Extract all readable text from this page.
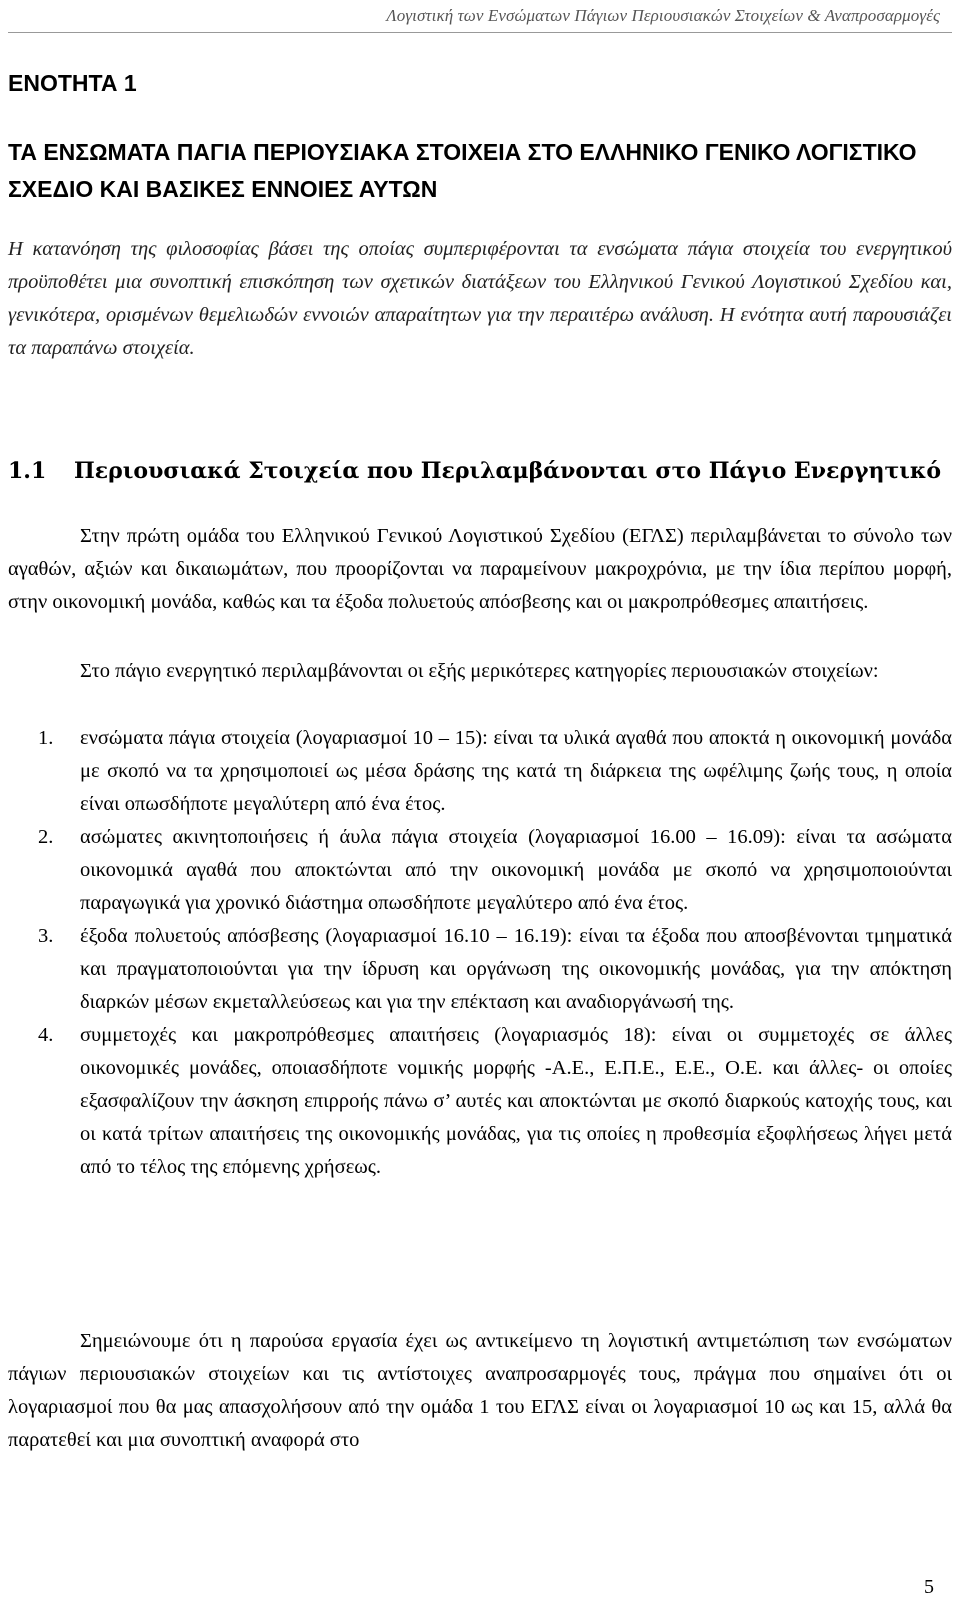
Λογιστική των Ενσώματων Πάγιων Περιουσιακών Στοιχείων & Αναπροσαρμογές
ΕΝΟΤΗΤΑ 1
ΤΑ ΕΝΣΩΜΑΤΑ ΠΑΓΙΑ ΠΕΡΙΟΥΣΙΑΚΑ ΣΤΟΙΧΕΙΑ ΣΤΟ ΕΛΛΗΝΙΚΟ ΓΕΝΙΚΟ ΛΟΓΙΣΤΙΚΟ ΣΧΕΔΙΟ ΚΑΙ ΒΑΣΙΚΕΣ ΕΝΝΟΙΕΣ ΑΥΤΩΝ
Η κατανόηση της φιλοσοφίας βάσει της οποίας συμπεριφέρονται τα ενσώματα πάγια στοιχεία του ενεργητικού προϋποθέτει μια συνοπτική επισκόπηση των σχετικών διατάξεων του Ελληνικού Γενικού Λογιστικού Σχεδίου και, γενικότερα, ορισμένων θεμελιωδών εννοιών απαραίτητων για την περαιτέρω ανάλυση. Η ενότητα αυτή παρουσιάζει τα παραπάνω στοιχεία.
1.1 Περιουσιακά Στοιχεία που Περιλαμβάνονται στο Πάγιο Ενεργητικό

Στην πρώτη ομάδα του Ελληνικού Γενικού Λογιστικού Σχεδίου (ΕΓΛΣ) περιλαμβάνεται το σύνολο των αγαθών, αξιών και δικαιωμάτων, που προορίζονται να παραμείνουν μακροχρόνια, με την ίδια περίπου μορφή, στην οικονομική μονάδα, καθώς και τα έξοδα πολυετούς απόσβεσης και οι μακροπρόθεσμες απαιτήσεις.

Στο πάγιο ενεργητικό περιλαμβάνονται οι εξής μερικότερες κατηγορίες περιουσιακών στοιχείων:

1. ενσώματα πάγια στοιχεία (λογαριασμοί 10 – 15): είναι τα υλικά αγαθά που αποκτά η οικονομική μονάδα με σκοπό να τα χρησιμοποιεί ως μέσα δράσης της κατά τη διάρκεια της ωφέλιμης ζωής τους, η οποία είναι οπωσδήποτε μεγαλύτερη από ένα έτος.
2. ασώματες ακινητοποιήσεις ή άυλα πάγια στοιχεία (λογαριασμοί 16.00 – 16.09): είναι τα ασώματα οικονομικά αγαθά που αποκτώνται από την οικονομική μονάδα με σκοπό να χρησιμοποιούνται παραγωγικά για χρονικό διάστημα οπωσδήποτε μεγαλύτερο από ένα έτος.
3. έξοδα πολυετούς απόσβεσης (λογαριασμοί 16.10 – 16.19): είναι τα έξοδα που αποσβένονται τμηματικά και πραγματοποιούνται για την ίδρυση και οργάνωση της οικονομικής μονάδας, για την απόκτηση διαρκών μέσων εκμεταλλεύσεως και για την επέκταση και αναδιοργάνωσή της.
4. συμμετοχές και μακροπρόθεσμες απαιτήσεις (λογαριασμός 18): είναι οι συμμετοχές σε άλλες οικονομικές μονάδες, οποιασδήποτε νομικής μορφής -Α.Ε., Ε.Π.Ε., Ε.Ε., Ο.Ε. και άλλες- οι οποίες εξασφαλίζουν την άσκηση επιρροής πάνω σ’ αυτές και αποκτώνται με σκοπό διαρκούς κατοχής τους, και οι κατά τρίτων απαιτήσεις της οικονομικής μονάδας, για τις οποίες η προθεσμία εξοφλήσεως λήγει μετά από το τέλος της επόμενης χρήσεως.

Σημειώνουμε ότι η παρούσα εργασία έχει ως αντικείμενο τη λογιστική αντιμετώπιση των ενσώματων πάγιων περιουσιακών στοιχείων και τις αντίστοιχες αναπροσαρμογές τους, πράγμα που σημαίνει ότι οι λογαριασμοί που θα μας απασχολήσουν από την ομάδα 1 του ΕΓΛΣ είναι οι λογαριασμοί 10 ως και 15, αλλά θα παρατεθεί και μια συνοπτική αναφορά στο

5
